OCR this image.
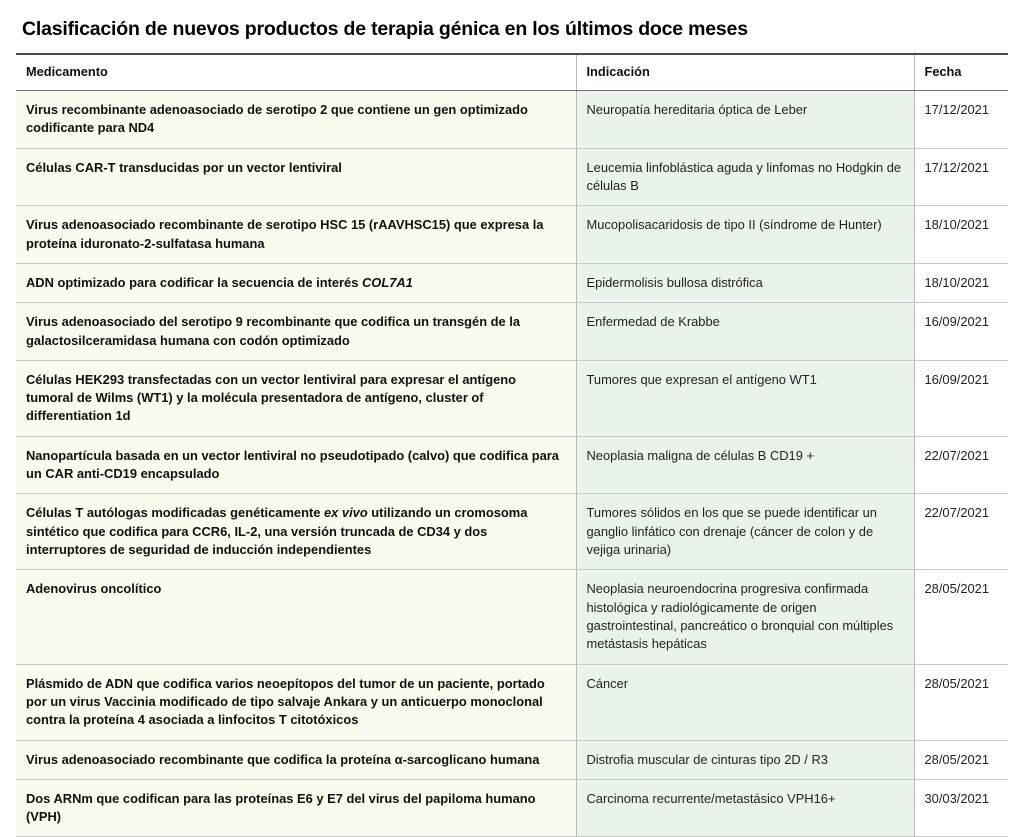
Clasificación de nuevos productos de terapia génica en los últimos doce meses
Medicamento	Indicación	Fecha
Virus recombinante adenoasociado de serotipo 2 que contiene un gen optimizado codificante para ND4	Neuropatía hereditaria óptica de Leber	17/12/2021
Células CAR-T transducidas por un vector lentiviral	Leucemia linfoblástica aguda y linfomas no Hodgkin de células B	17/12/2021
Virus adenoasociado recombinante de serotipo HSC 15 (rAAVHSC15) que expresa la proteína iduronato-2-sulfatasa humana	Mucopolisacaridosis de tipo II (síndrome de Hunter)	18/10/2021
ADN optimizado para codificar la secuencia de interés COL7A1	Epidermolisis bullosa distrófica	18/10/2021
Virus adenoasociado del serotipo 9 recombinante que codifica un transgén de la galactosilceramidasa humana con codón optimizado	Enfermedad de Krabbe	16/09/2021
Células HEK293 transfectadas con un vector lentiviral para expresar el antígeno tumoral de Wilms (WT1) y la molécula presentadora de antígeno, cluster of differentiation 1d	Tumores que expresan el antígeno WT1	16/09/2021
Nanopartícula basada en un vector lentiviral no pseudotipado (calvo) que codifica para un CAR anti-CD19 encapsulado	Neoplasia maligna de células B CD19 +	22/07/2021
Células T autólogas modificadas genéticamente ex vivo utilizando un cromosoma sintético que codifica para CCR6, IL-2, una versión truncada de CD34 y dos interruptores de seguridad de inducción independientes	Tumores sólidos en los que se puede identificar un ganglio linfático con drenaje (cáncer de colon y de vejiga urinaria)	22/07/2021
Adenovirus oncolítico	Neoplasia neuroendocrina progresiva confirmada histológica y radiológicamente de origen gastrointestinal, pancreático o bronquial con múltiples metástasis hepáticas	28/05/2021
Plásmido de ADN que codifica varios neoepítopos del tumor de un paciente, portado por un virus Vaccinia modificado de tipo salvaje Ankara y un anticuerpo monoclonal contra la proteína 4 asociada a linfocitos T citotóxicos	Cáncer	28/05/2021
Virus adenoasociado recombinante que codifica la proteína α-sarcoglicano humana	Distrofia muscular de cinturas tipo 2D / R3	28/05/2021
Dos ARNm que codifican para las proteínas E6 y E7 del virus del papiloma humano (VPH)	Carcinoma recurrente/metastásico VPH16+	30/03/2021
